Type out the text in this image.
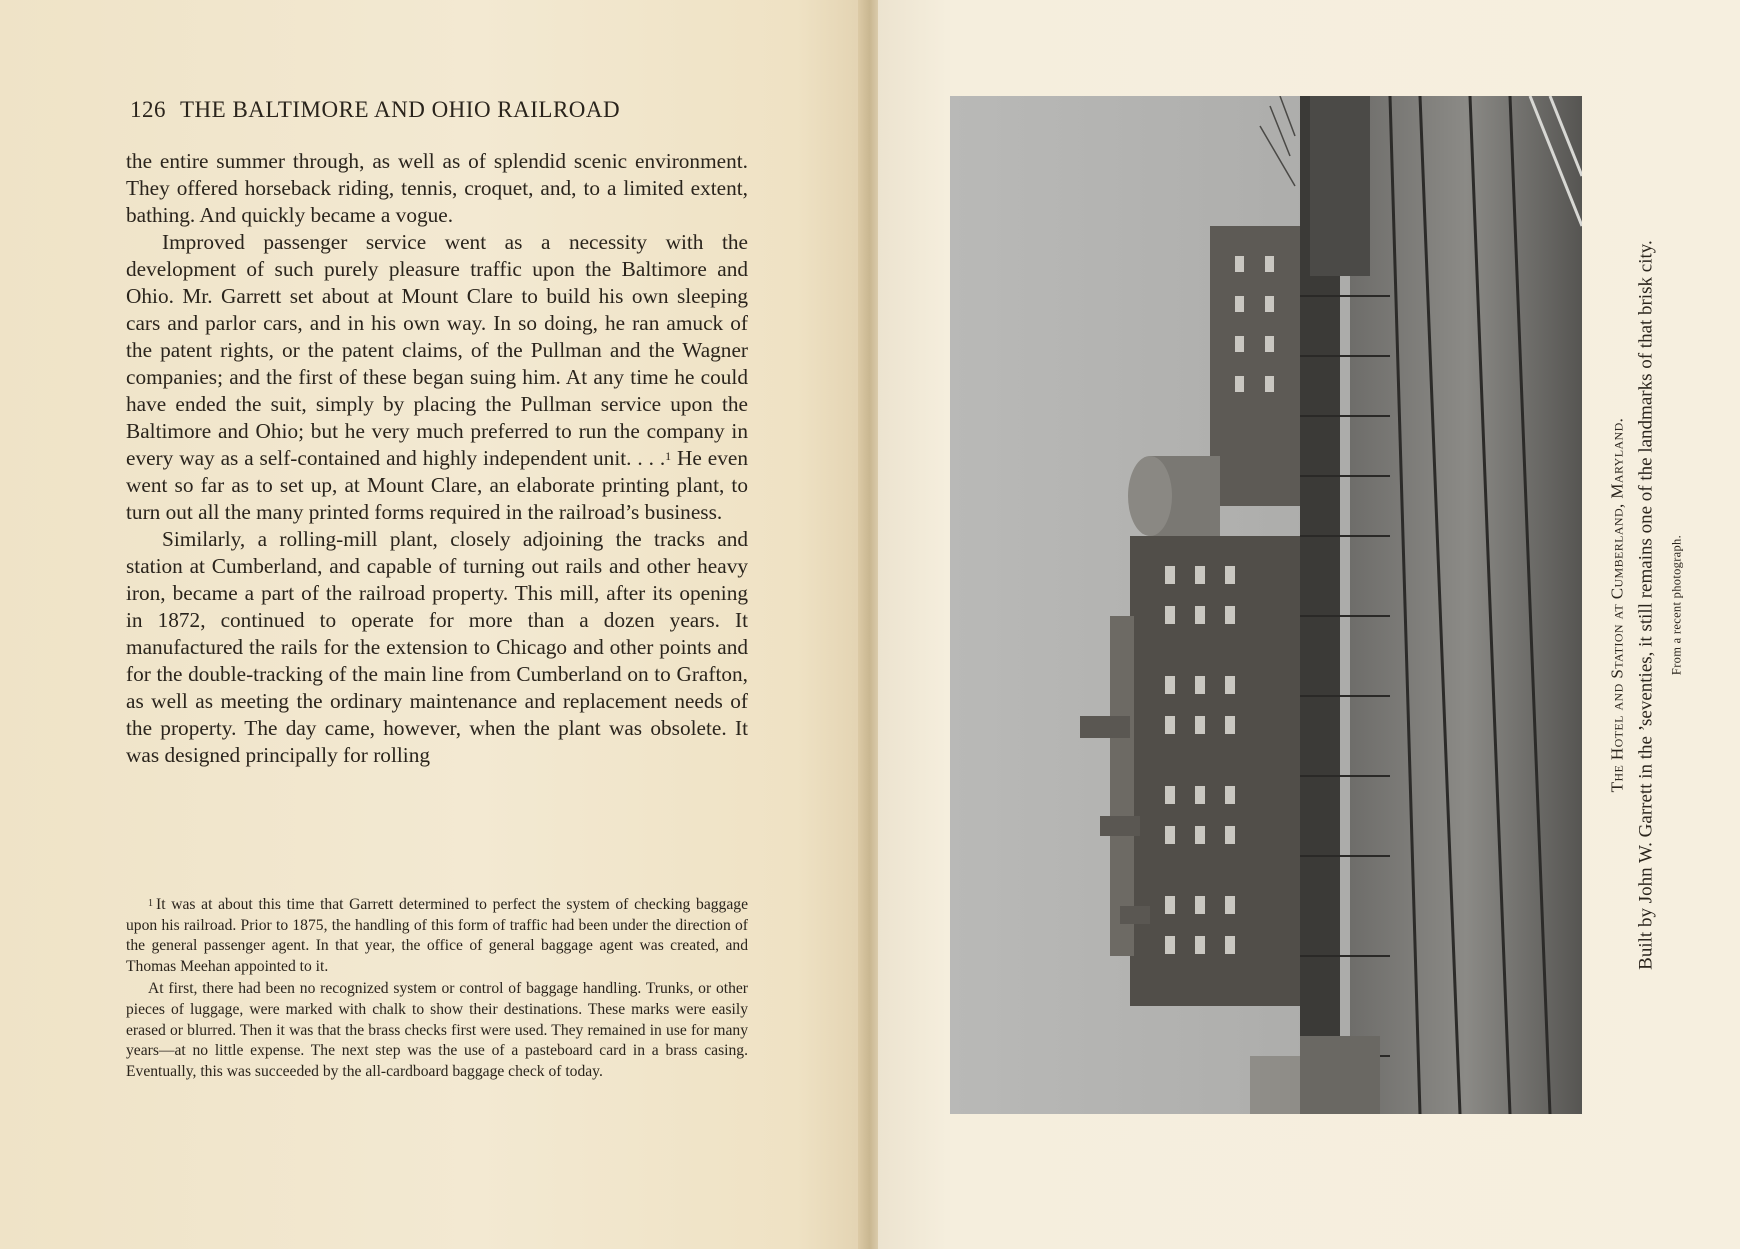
126 THE BALTIMORE AND OHIO RAILROAD

the entire summer through, as well as of splendid scenic environment. They offered horseback riding, tennis, croquet, and, to a limited extent, bathing. And quickly became a vogue.

Improved passenger service went as a necessity with the development of such purely pleasure traffic upon the Baltimore and Ohio. Mr. Garrett set about at Mount Clare to build his own sleeping cars and parlor cars, and in his own way. In so doing, he ran amuck of the patent rights, or the patent claims, of the Pullman and the Wagner companies; and the first of these began suing him. At any time he could have ended the suit, simply by placing the Pullman service upon the Baltimore and Ohio; but he very much preferred to run the company in every way as a self-contained and highly independent unit. . . .$^1$ He even went so far as to set up, at Mount Clare, an elaborate printing plant, to turn out all the many printed forms required in the railroad’s business.

Similarly, a rolling-mill plant, closely adjoining the tracks and station at Cumberland, and capable of turning out rails and other heavy iron, became a part of the railroad property. This mill, after its opening in 1872, continued to operate for more than a dozen years. It manufactured the rails for the extension to Chicago and other points and for the double-tracking of the main line from Cumberland on to Grafton, as well as meeting the ordinary maintenance and replacement needs of the property. The day came, however, when the plant was obsolete. It was designed principally for rolling

$^1$ It was at about this time that Garrett determined to perfect the system of checking baggage upon his railroad. Prior to 1875, the handling of this form of traffic had been under the direction of the general passenger agent. In that year, the office of general baggage agent was created, and Thomas Meehan appointed to it.

At first, there had been no recognized system or control of baggage handling. Trunks, or other pieces of luggage, were marked with chalk to show their destinations. These marks were easily erased or blurred. Then it was that the brass checks first were used. They remained in use for many years—at no little expense. The next step was the use of a pasteboard card in a brass casing. Eventually, this was succeeded by the all-cardboard baggage check of today.

The Hotel and Station at Cumberland, Maryland. Built by John W. Garrett in the ’seventies, it still remains one of the landmarks of that brisk city. From a recent photograph.
